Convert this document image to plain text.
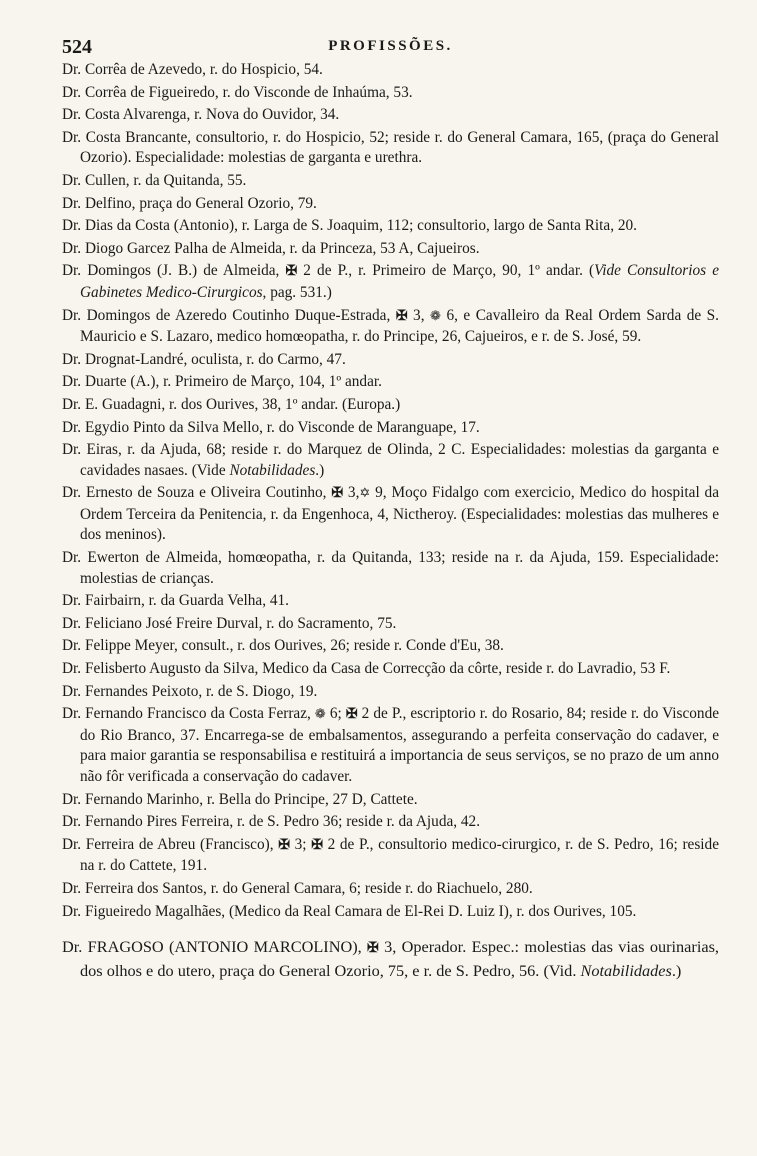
524	PROFISSÕES.

Dr. Corrêa de Azevedo, r. do Hospicio, 54.

Dr. Corrêa de Figueiredo, r. do Visconde de Inhaúma, 53.

Dr. Costa Alvarenga, r. Nova do Ouvidor, 34.

Dr. Costa Brancante, consultorio, r. do Hospicio, 52; reside r. do General Camara, 165, (praça do General Ozorio). Especialidade: molestias de garganta e urethra.

Dr. Cullen, r. da Quitanda, 55.

Dr. Delfino, praça do General Ozorio, 79.

Dr. Dias da Costa (Antonio), r. Larga de S. Joaquim, 112; consultorio, largo de Santa Rita, 20.

Dr. Diogo Garcez Palha de Almeida, r. da Princeza, 53 A, Cajueiros.

Dr. Domingos (J. B.) de Almeida, ✠ 2 de P., r. Primeiro de Março, 90, 1º andar. (Vide Consultorios e Gabinetes Medico-Cirurgicos, pag. 531.)

Dr. Domingos de Azeredo Coutinho Duque-Estrada, ✠ 3, ❁ 6, e Cavalleiro da Real Ordem Sarda de S. Mauricio e S. Lazaro, medico homœopatha, r. do Principe, 26, Cajueiros, e r. de S. José, 59.

Dr. Drognat-Landré, oculista, r. do Carmo, 47.

Dr. Duarte (A.), r. Primeiro de Março, 104, 1º andar.

Dr. E. Guadagni, r. dos Ourives, 38, 1º andar. (Europa.)

Dr. Egydio Pinto da Silva Mello, r. do Visconde de Maranguape, 17.

Dr. Eiras, r. da Ajuda, 68; reside r. do Marquez de Olinda, 2 C. Especialidades: molestias da garganta e cavidades nasaes. (Vide Notabilidades.)

Dr. Ernesto de Souza e Oliveira Coutinho, ✠ 3,✡ 9, Moço Fidalgo com exercicio, Medico do hospital da Ordem Terceira da Penitencia, r. da Engenhoca, 4, Nictheroy. (Especialidades: molestias das mulheres e dos meninos).

Dr. Ewerton de Almeida, homœopatha, r. da Quitanda, 133; reside na r. da Ajuda, 159. Especialidade: molestias de crianças.

Dr. Fairbairn, r. da Guarda Velha, 41.

Dr. Feliciano José Freire Durval, r. do Sacramento, 75.

Dr. Felippe Meyer, consult., r. dos Ourives, 26; reside r. Conde d'Eu, 38.

Dr. Felisberto Augusto da Silva, Medico da Casa de Correcção da côrte, reside r. do Lavradio, 53 F.

Dr. Fernandes Peixoto, r. de S. Diogo, 19.

Dr. Fernando Francisco da Costa Ferraz, ❁ 6; ✠ 2 de P., escriptorio r. do Rosario, 84; reside r. do Visconde do Rio Branco, 37. Encarrega-se de embalsamentos, assegurando a perfeita conservação do cadaver, e para maior garantia se responsabilisa e restituirá a importancia de seus serviços, se no prazo de um anno não fôr verificada a conservação do cadaver.

Dr. Fernando Marinho, r. Bella do Principe, 27 D, Cattete.

Dr. Fernando Pires Ferreira, r. de S. Pedro 36; reside r. da Ajuda, 42.

Dr. Ferreira de Abreu (Francisco), ✠ 3; ✠ 2 de P., consultorio medico-cirurgico, r. de S. Pedro, 16; reside na r. do Cattete, 191.

Dr. Ferreira dos Santos, r. do General Camara, 6; reside r. do Riachuelo, 280.

Dr. Figueiredo Magalhães, (Medico da Real Camara de El-Rei D. Luiz I), r. dos Ourives, 105.

Dr. FRAGOSO (ANTONIO MARCOLINO), ✠ 3, Operador. Espec.: molestias das vias ourinarias, dos olhos e do utero, praça do General Ozorio, 75, e r. de S. Pedro, 56. (Vid. Notabilidades.)
